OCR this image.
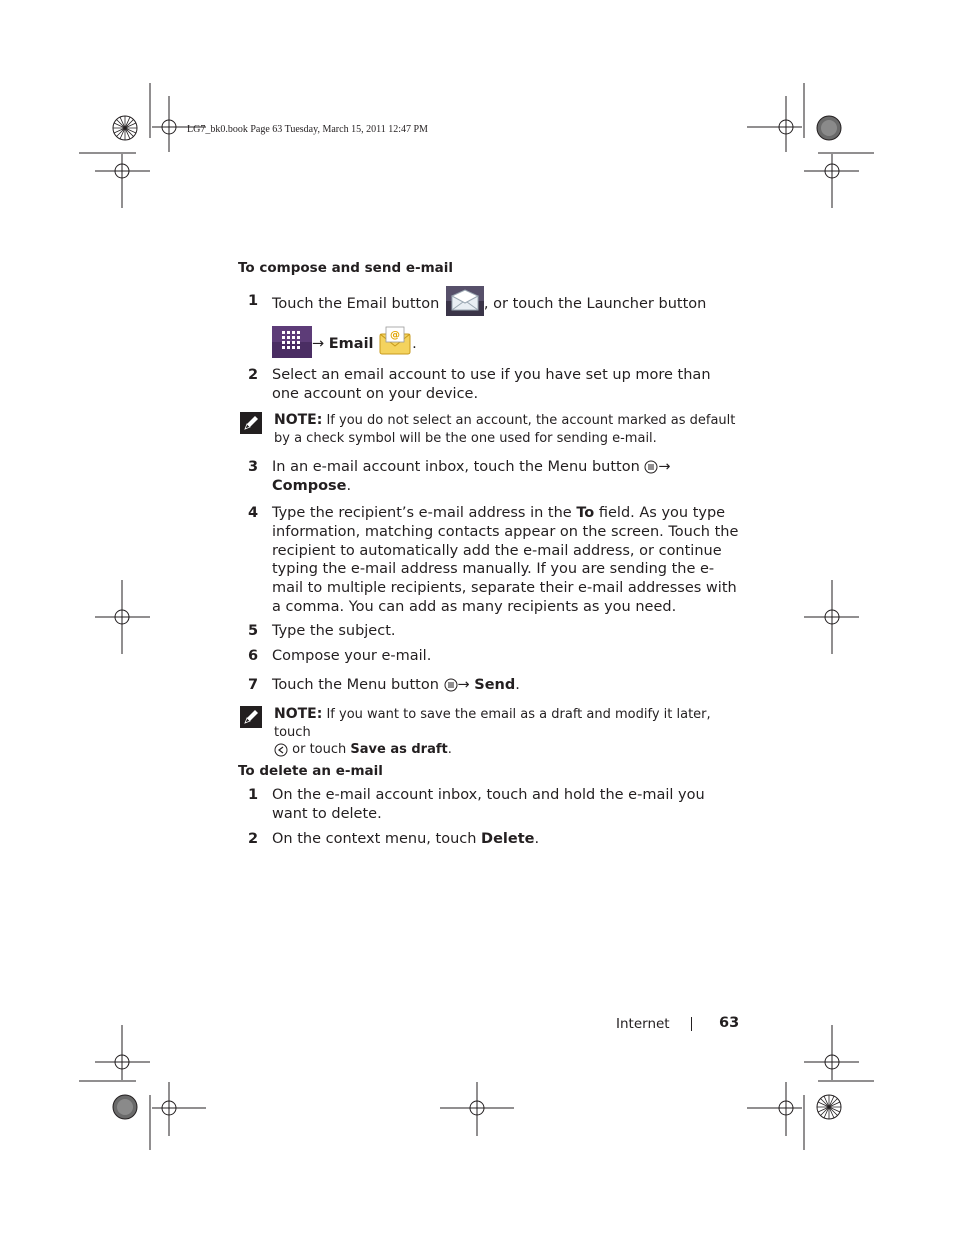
LG7_bk0.book Page 63 Tuesday, March 15, 2011 12:47 PM
To compose and send e-mail
1 Touch the Email button	, or touch the Launcher button
→ Email
@
.
2 Select an email account to use if you have set up more than one account on your device.
NOTE: If you do not select an account, the account marked as default by a check symbol will be the one used for sending e-mail.
3 In an e-mail account inbox, touch the Menu button →
Compose.
4 Type the recipient’s e-mail address in the To field. As you type information, matching contacts appear on the screen. Touch the recipient to automatically add the e-mail address, or continue typing the e-mail address manually. If you are sending the e-mail to multiple recipients, separate their e-mail addresses with a comma. You can add as many recipients as you need.
5 Type the subject.
6 Compose your e-mail.
7 Touch the Menu button → Send.
NOTE: If you want to save the email as a draft and modify it later, touch
or touch Save as draft.
To delete an e-mail
1 On the e-mail account inbox, touch and hold the e-mail you want to delete.
2 On the context menu, touch Delete.
Internet	63
